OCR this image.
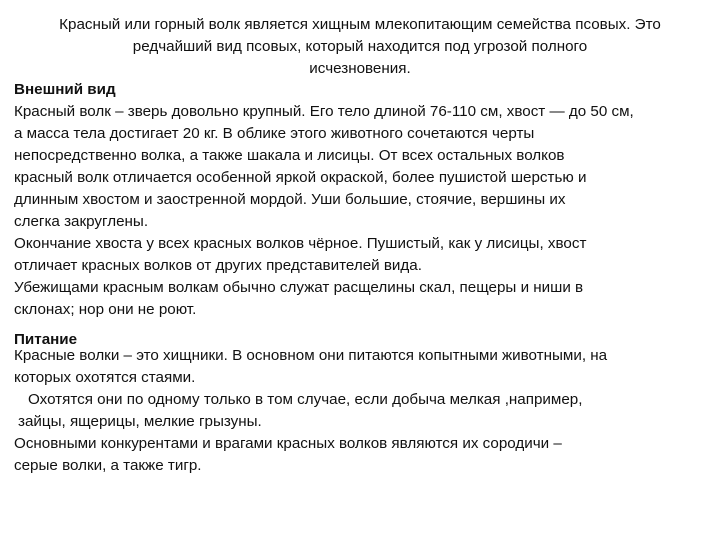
Красный или горный волк является хищным млекопитающим семейства псовых. Это
редчайший вид псовых, который находится под угрозой полного
исчезновения.
Внешний вид
Красный волк – зверь довольно крупный. Его тело длиной 76-110 см, хвост — до 50 см,
а масса тела достигает 20 кг. В облике этого животного сочетаются черты
непосредственно волка, а также шакала и лисицы. От всех остальных волков
красный волк отличается особенной яркой окраской, более пушистой шерстью и
длинным хвостом и заостренной мордой. Уши большие, стоячие, вершины их
слегка закруглены.
Окончание хвоста у всех красных волков чёрное. Пушистый, как у лисицы, хвост
отличает красных волков от других представителей вида.
Убежищами красным волкам обычно служат расщелины скал, пещеры и ниши в
склонах; нор они не роют.
Питание
Красные волки – это хищники. В основном они питаются копытными животными, на
которых охотятся стаями.
Охотятся они по одному только в том случае, если добыча мелкая ,например,
зайцы, ящерицы, мелкие грызуны.
Основными конкурентами и врагами красных волков являются их сородичи –
серые волки, а также тигр.
